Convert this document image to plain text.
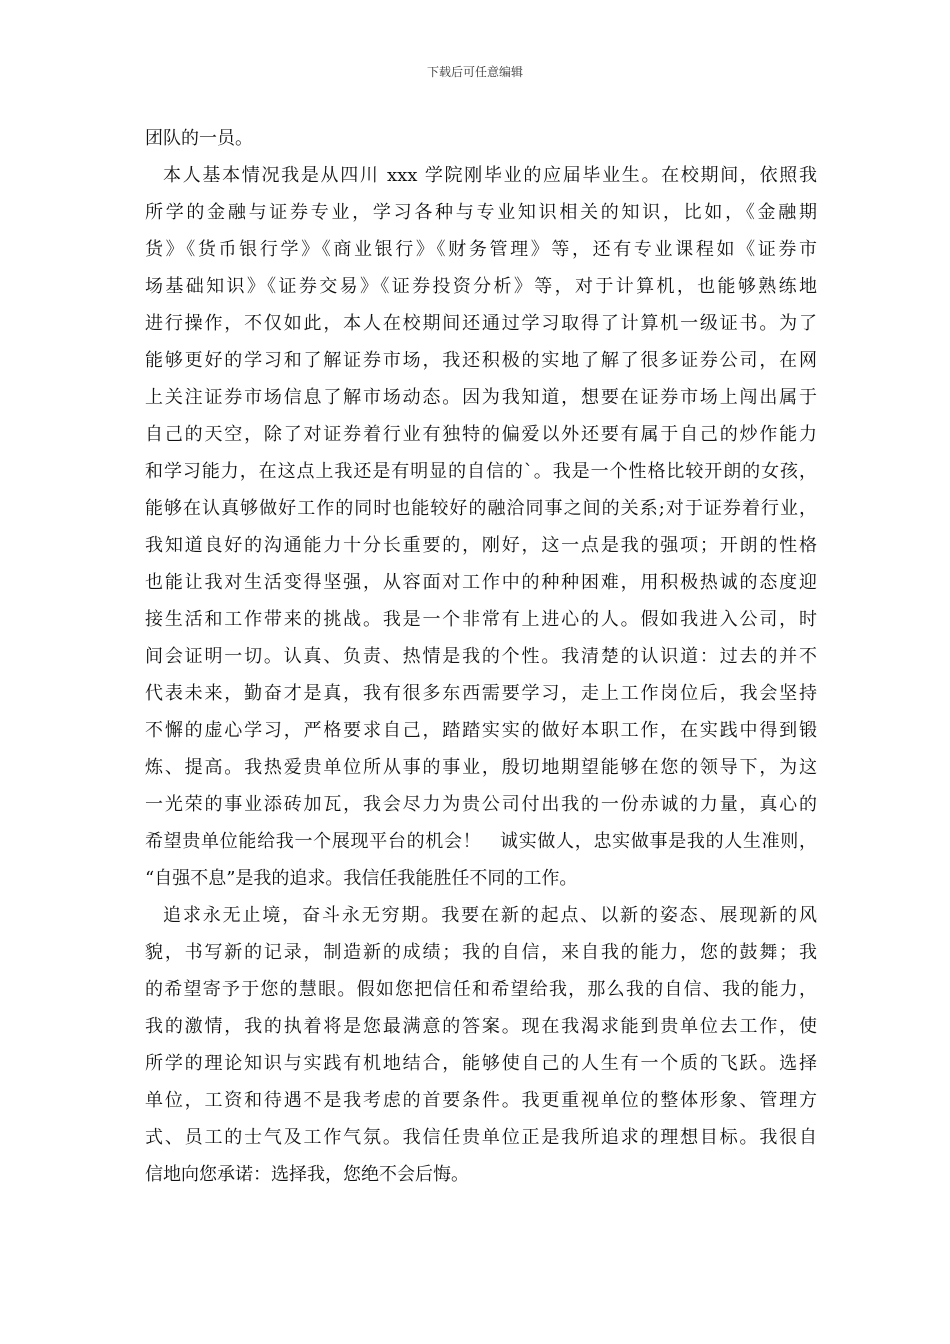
下载后可任意编辑
团队的一员。
本人基本情况我是从四川 xxx 学院刚毕业的应届毕业生。在校期间，依照我
所学的金融与证券专业，学习各种与专业知识相关的知识，比如，《金融期
货》《货币银行学》《商业银行》《财务管理》等，还有专业课程如《证券市
场基础知识》《证券交易》《证券投资分析》等，对于计算机，也能够熟练地
进行操作，不仅如此，本人在校期间还通过学习取得了计算机一级证书。为了
能够更好的学习和了解证券市场，我还积极的实地了解了很多证券公司，在网
上关注证券市场信息了解市场动态。因为我知道，想要在证券市场上闯出属于
自己的天空，除了对证券着行业有独特的偏爱以外还要有属于自己的炒作能力
和学习能力，在这点上我还是有明显的自信的`。我是一个性格比较开朗的女孩，
能够在认真够做好工作的同时也能较好的融洽同事之间的关系;对于证券着行业，
我知道良好的沟通能力十分长重要的，刚好，这一点是我的强项；开朗的性格
也能让我对生活变得坚强，从容面对工作中的种种困难，用积极热诚的态度迎
接生活和工作带来的挑战。我是一个非常有上进心的人。假如我进入公司，时
间会证明一切。认真、负责、热情是我的个性。我清楚的认识道：过去的并不
代表未来，勤奋才是真，我有很多东西需要学习，走上工作岗位后，我会坚持
不懈的虚心学习，严格要求自己，踏踏实实的做好本职工作，在实践中得到锻
炼、提高。我热爱贵单位所从事的事业，殷切地期望能够在您的领导下，为这
一光荣的事业添砖加瓦，我会尽力为贵公司付出我的一份赤诚的力量，真心的
希望贵单位能给我一个展现平台的机会！　诚实做人，忠实做事是我的人生准则，
“自强不息”是我的追求。我信任我能胜任不同的工作。
追求永无止境，奋斗永无穷期。我要在新的起点、以新的姿态、展现新的风
貌，书写新的记录，制造新的成绩；我的自信，来自我的能力，您的鼓舞；我
的希望寄予于您的慧眼。假如您把信任和希望给我，那么我的自信、我的能力，
我的激情，我的执着将是您最满意的答案。现在我渴求能到贵单位去工作，使
所学的理论知识与实践有机地结合，能够使自己的人生有一个质的飞跃。选择
单位，工资和待遇不是我考虑的首要条件。我更重视单位的整体形象、管理方
式、员工的士气及工作气氛。我信任贵单位正是我所追求的理想目标。我很自
信地向您承诺：选择我，您绝不会后悔。
